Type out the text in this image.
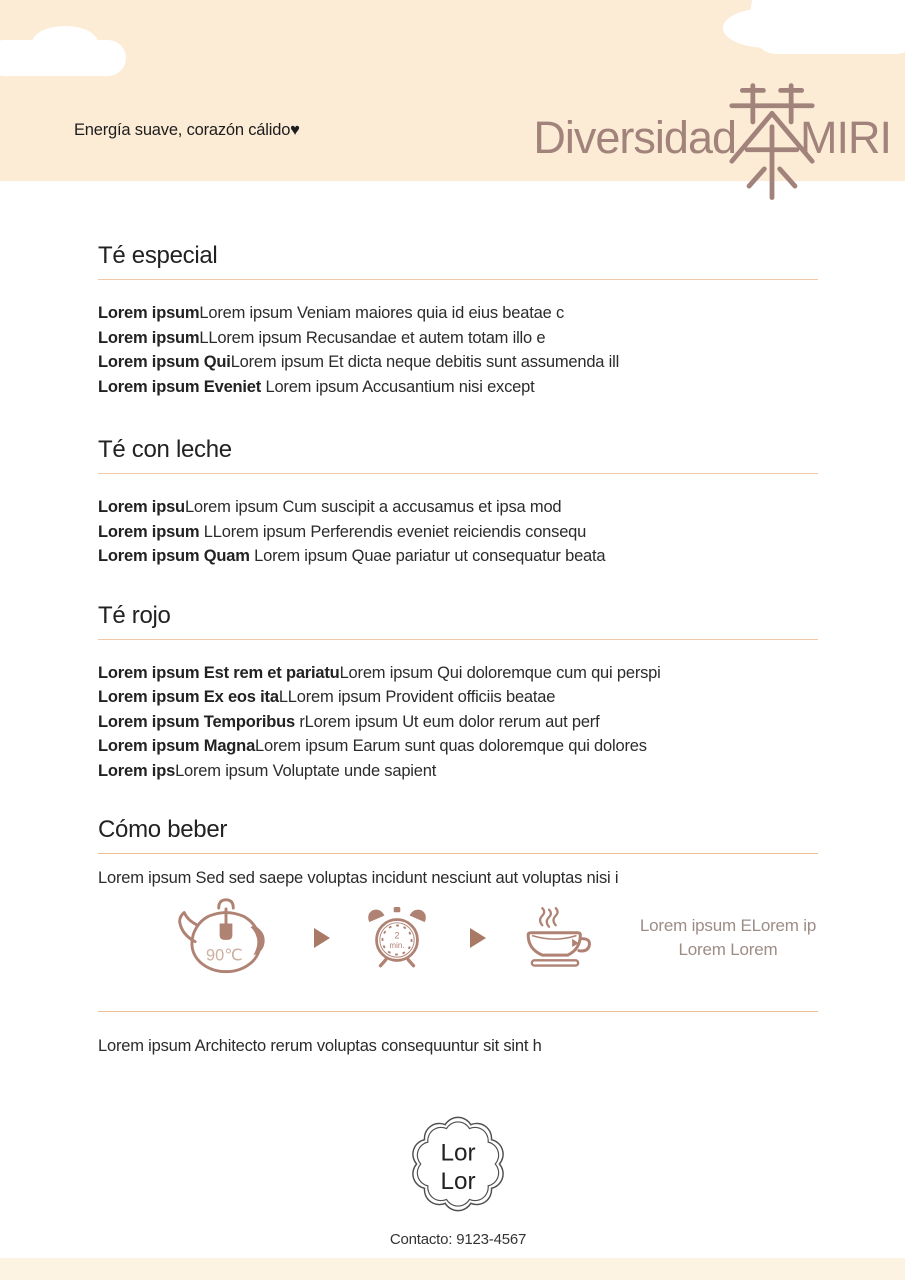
Energía suave, corazón cálido♥	Diversidad MIRI
Té especial
Lorem ipsumLorem ipsum Veniam maiores quia id eius beatae c
Lorem ipsumLLorem ipsum Recusandae et autem totam illo e
Lorem ipsum QuiLorem ipsum Et dicta neque debitis sunt assumenda ill
Lorem ipsum Eveniet Lorem ipsum Accusantium nisi except
Té con leche
Lorem ipsuLorem ipsum Cum suscipit a accusamus et ipsa mod
Lorem ipsum LLorem ipsum Perferendis eveniet reiciendis consequ
Lorem ipsum Quam Lorem ipsum Quae pariatur ut consequatur beata
Té rojo
Lorem ipsum Est rem et pariatuLorem ipsum Qui doloremque cum qui perspi
Lorem ipsum Ex eos itaLLorem ipsum Provident officiis beatae
Lorem ipsum Temporibus rLorem ipsum Ut eum dolor rerum aut perf
Lorem ipsum MagnaLorem ipsum Earum sunt quas doloremque qui dolores
Lorem ipsLorem ipsum Voluptate unde sapient
Cómo beber
Lorem ipsum Sed sed saepe voluptas incidunt nesciunt aut voluptas nisi i
90℃
2
min.
Lorem ipsum ELorem ip
Lorem Lorem
Lorem ipsum Architecto rerum voluptas consequuntur sit sint h
Lor
Lor
Contacto: 9123-4567
